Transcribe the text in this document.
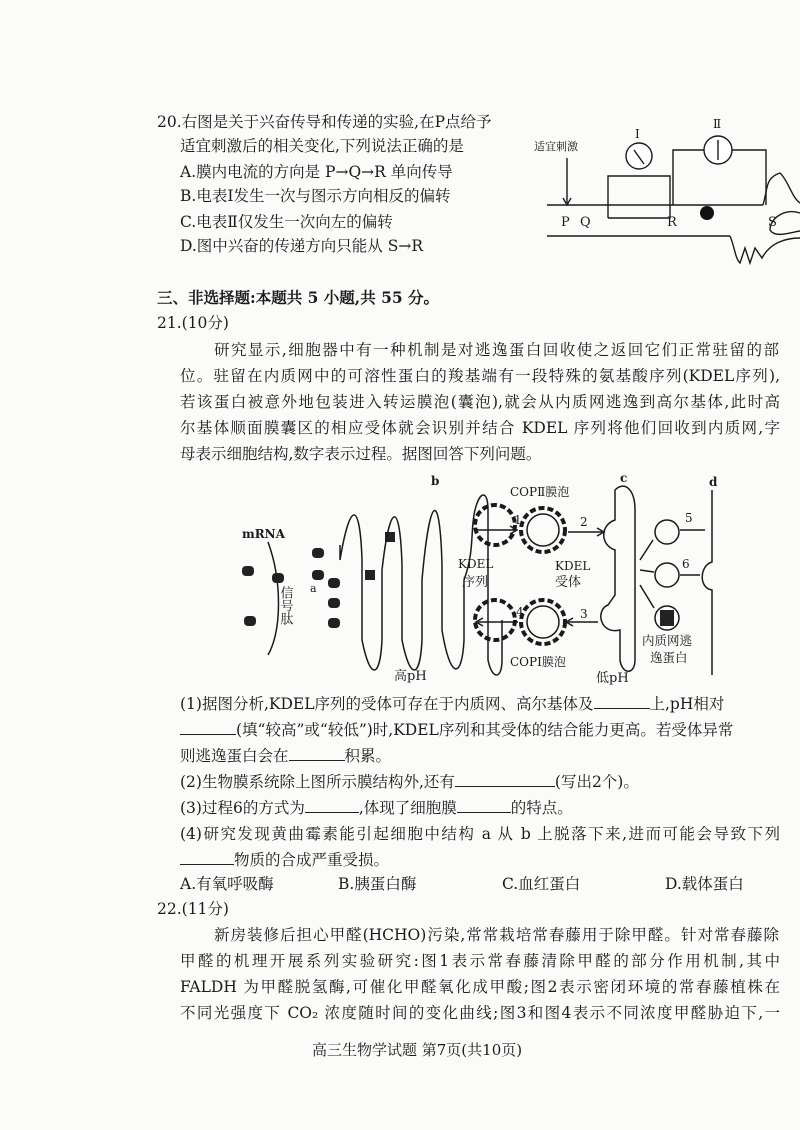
20.右图是关于兴奋传导和传递的实验,在P点给予
适宜刺激后的相关变化,下列说法正确的是
A.膜内电流的方向是 P→Q→R 单向传导
B.电表Ⅰ发生一次与图示方向相反的偏转
C.电表Ⅱ仅发生一次向左的偏转
D.图中兴奋的传递方向只能从 S→R
适宜刺激
Ⅰ
Ⅱ
P Q	R	S
三、非选择题:本题共 5 小题,共 55 分。
21.(10分)
研究显示,细胞器中有一种机制是对逃逸蛋白回收使之返回它们正常驻留的部
位。驻留在内质网中的可溶性蛋白的羧基端有一段特殊的氨基酸序列(KDEL序列),
若该蛋白被意外地包装进入转运膜泡(囊泡),就会从内质网逃逸到高尔基体,此时高
尔基体顺面膜囊区的相应受体就会识别并结合 KDEL 序列将他们回收到内质网,字
母表示细胞结构,数字表示过程。据图回答下列问题。
mRNA
信号肽 a
b
KDEL
序列
COPⅡ膜泡
COPⅠ膜泡
1	2
3
4
c
KDEL
受体
高pH	低pH
内质网逃
逸蛋白
5
6
d
(1)据图分析,KDEL序列的受体可存在于内质网、高尔基体及	上,pH相对
(填“较高”或“较低”)时,KDEL序列和其受体的结合能力更高。若受体异常
则逃逸蛋白会在	积累。
(2)生物膜系统除上图所示膜结构外,还有	(写出2个)。
(3)过程6的方式为	,体现了细胞膜	的特点。
(4)研究发现黄曲霉素能引起细胞中结构 a 从 b 上脱落下来,进而可能会导致下列
物质的合成严重受损。
A.有氧呼吸酶	B.胰蛋白酶	C.血红蛋白	D.载体蛋白
22.(11分)
新房装修后担心甲醛(HCHO)污染,常常栽培常春藤用于除甲醛。针对常春藤除
甲醛的机理开展系列实验研究:图1表示常春藤清除甲醛的部分作用机制,其中
FALDH 为甲醛脱氢酶,可催化甲醛氧化成甲酸;图2表示密闭环境的常春藤植株在
不同光强度下 CO₂ 浓度随时间的变化曲线;图3和图4表示不同浓度甲醛胁迫下,一
高三生物学试题 第7页(共10页)
